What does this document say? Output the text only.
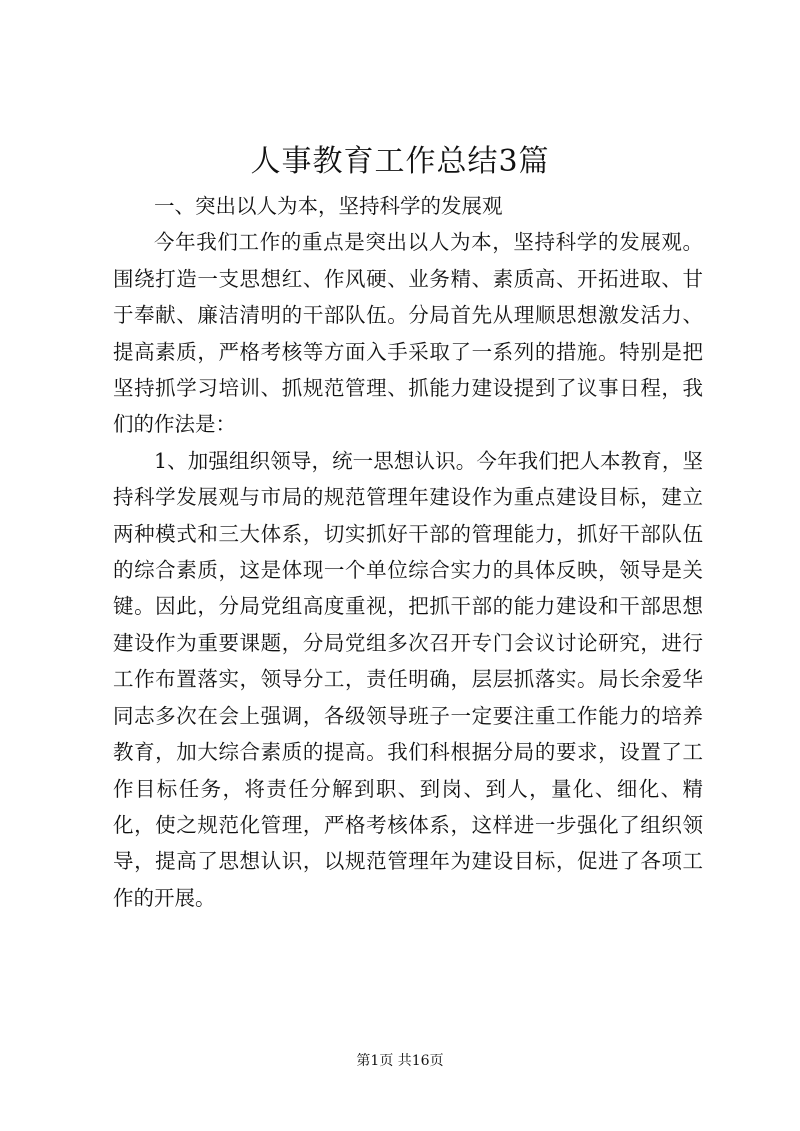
人事教育工作总结3篇

一、突出以人为本，坚持科学的发展观

今年我们工作的重点是突出以人为本，坚持科学的发展观。围绕打造一支思想红、作风硬、业务精、素质高、开拓进取、甘于奉献、廉洁清明的干部队伍。分局首先从理顺思想激发活力、提高素质，严格考核等方面入手采取了一系列的措施。特别是把坚持抓学习培训、抓规范管理、抓能力建设提到了议事日程，我们的作法是：

1、加强组织领导，统一思想认识。今年我们把人本教育，坚持科学发展观与市局的规范管理年建设作为重点建设目标，建立两种模式和三大体系，切实抓好干部的管理能力，抓好干部队伍的综合素质，这是体现一个单位综合实力的具体反映，领导是关键。因此，分局党组高度重视，把抓干部的能力建设和干部思想建设作为重要课题，分局党组多次召开专门会议讨论研究，进行工作布置落实，领导分工，责任明确，层层抓落实。局长余爱华同志多次在会上强调，各级领导班子一定要注重工作能力的培养教育，加大综合素质的提高。我们科根据分局的要求，设置了工作目标任务，将责任分解到职、到岗、到人，量化、细化、精化，使之规范化管理，严格考核体系，这样进一步强化了组织领导，提高了思想认识，以规范管理年为建设目标，促进了各项工作的开展。

第1页 共16页
